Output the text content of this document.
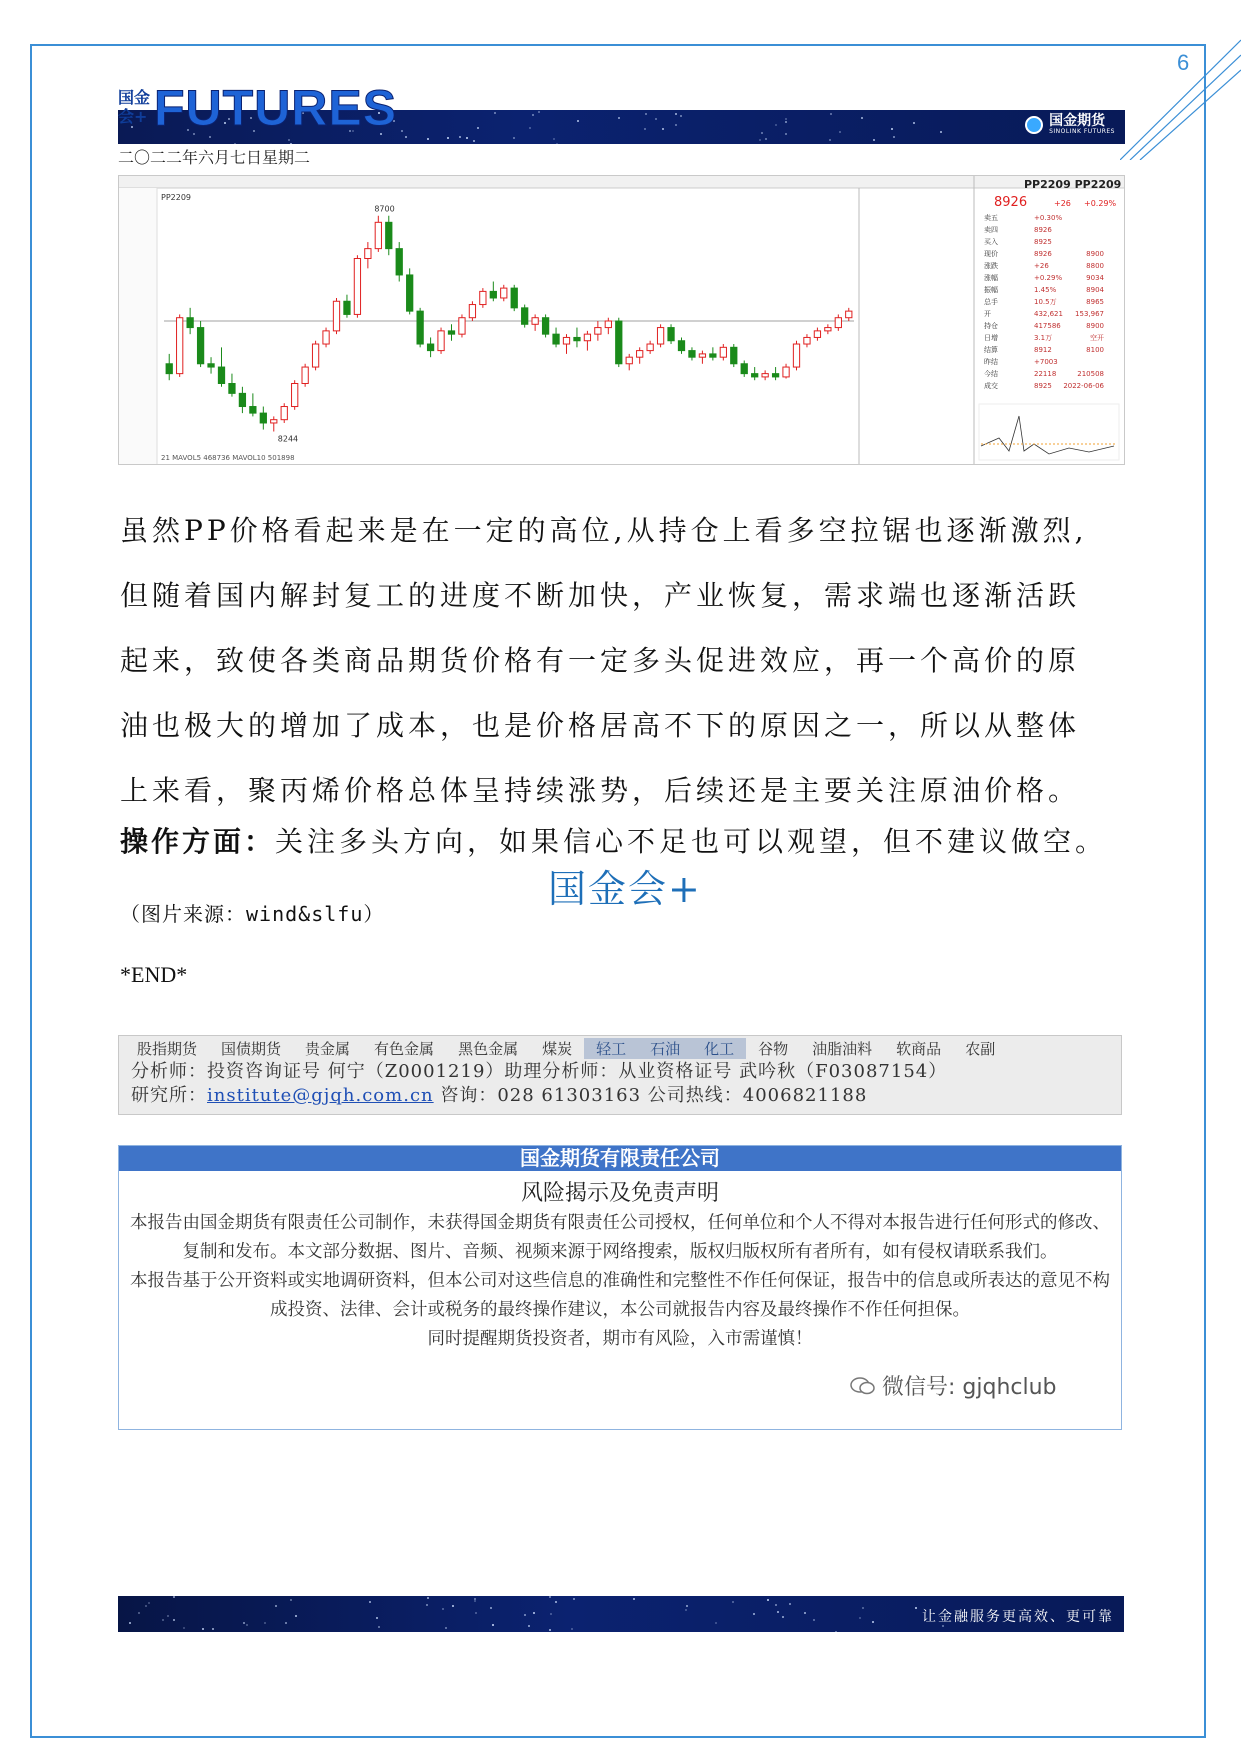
6
国金期货
SINOLINK FUTURES
国金会+ FUTURES
二〇二二年六月七日星期二
PP2209
8700
8244
21 MAVOL5 468736 MAVOL10 501898
PP2209 PP2209
8926	+26 +0.29%
卖五	+0.30%
卖四	8926
买入	8925
现价	8926	8900
涨跌	+26	8800
涨幅	+0.29%	9034
振幅	1.45%	8904
总手	10.5万	8965
开	432,621 153,967
持仓	417586	8900
日增	3.1万	空开
结算	8912	8100
昨结	+7003
今结	22118	210508
成交	8925 2022-06-06
虽然PP价格看起来是在一定的高位,从持仓上看多空拉锯也逐渐激烈,
但随着国内解封复工的进度不断加快，产业恢复，需求端也逐渐活跃
起来，致使各类商品期货价格有一定多头促进效应，再一个高价的原
油也极大的增加了成本，也是价格居高不下的原因之一，所以从整体
上来看，聚丙烯价格总体呈持续涨势，后续还是主要关注原油价格。
操作方面：关注多头方向，如果信心不足也可以观望，但不建议做空。
国金会+
（图片来源：wind&slfu）
*END*
股指期货	国债期货	贵金属	有色金属	黑色金属	煤炭	轻工	石油	化工	谷物	油脂油料	软商品	农副
分析师：投资咨询证号 何宁（Z0001219）助理分析师：从业资格证号 武吟秋（F03087154）
研究所：institute@gjqh.com.cn 咨询：028 61303163 公司热线：4006821188
国金期货有限责任公司
风险揭示及免责声明
本报告由国金期货有限责任公司制作，未获得国金期货有限责任公司授权，任何单位和个人不得对本报告进行任何形式的修改、复制和发布。本文部分数据、图片、音频、视频来源于网络搜索，版权归版权所有者所有，如有侵权请联系我们。
本报告基于公开资料或实地调研资料，但本公司对这些信息的准确性和完整性不作任何保证，报告中的信息或所表达的意见不构成投资、法律、会计或税务的最终操作建议，本公司就报告内容及最终操作不作任何担保。
同时提醒期货投资者，期市有风险，入市需谨慎！
微信号: gjqhclub
让金融服务更高效、更可靠
